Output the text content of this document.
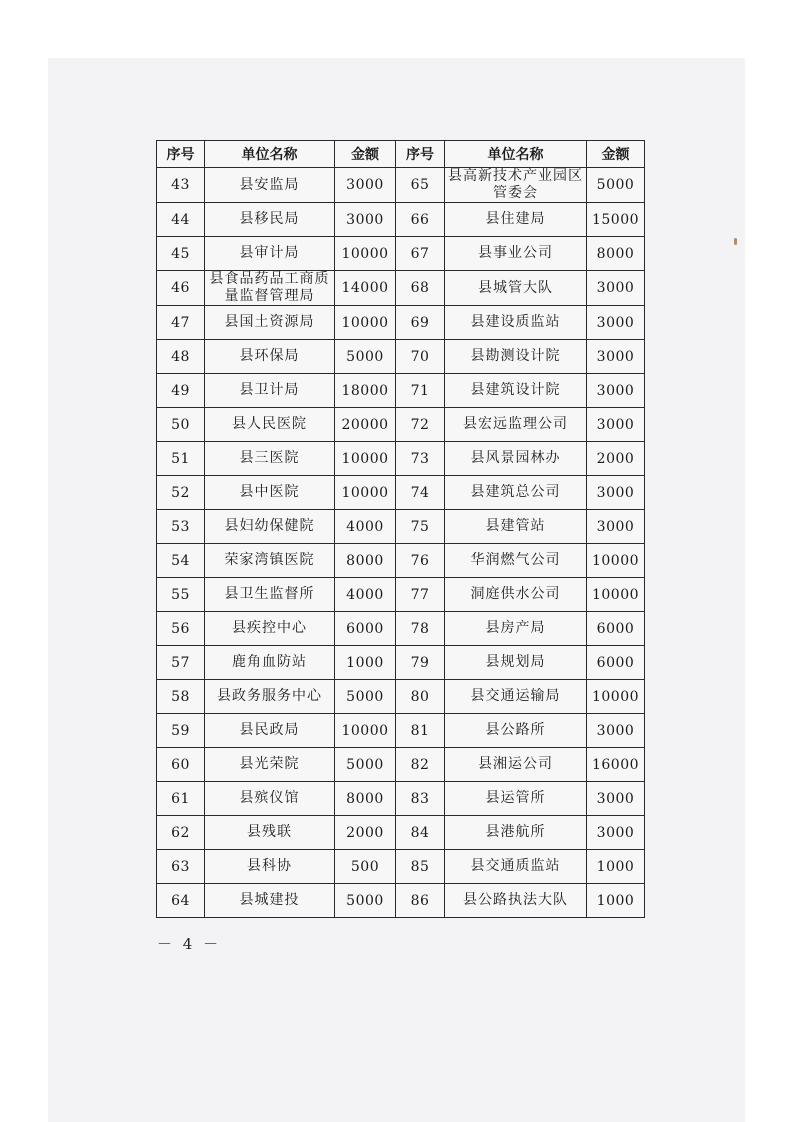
序号	单位名称	金额	序号	单位名称	金额
43	县安监局	3000	65	县高新技术产业园区管委会	5000
44	县移民局	3000	66	县住建局	15000
45	县审计局	10000	67	县事业公司	8000
46	县食品药品工商质量监督管理局	14000	68	县城管大队	3000
47	县国土资源局	10000	69	县建设质监站	3000
48	县环保局	5000	70	县勘测设计院	3000
49	县卫计局	18000	71	县建筑设计院	3000
50	县人民医院	20000	72	县宏远监理公司	3000
51	县三医院	10000	73	县风景园林办	2000
52	县中医院	10000	74	县建筑总公司	3000
53	县妇幼保健院	4000	75	县建管站	3000
54	荣家湾镇医院	8000	76	华润燃气公司	10000
55	县卫生监督所	4000	77	洞庭供水公司	10000
56	县疾控中心	6000	78	县房产局	6000
57	鹿角血防站	1000	79	县规划局	6000
58	县政务服务中心	5000	80	县交通运输局	10000
59	县民政局	10000	81	县公路所	3000
60	县光荣院	5000	82	县湘运公司	16000
61	县殡仪馆	8000	83	县运管所	3000
62	县残联	2000	84	县港航所	3000
63	县科协	500	85	县交通质监站	1000
64	县城建投	5000	86	县公路执法大队	1000
－ 4 －
